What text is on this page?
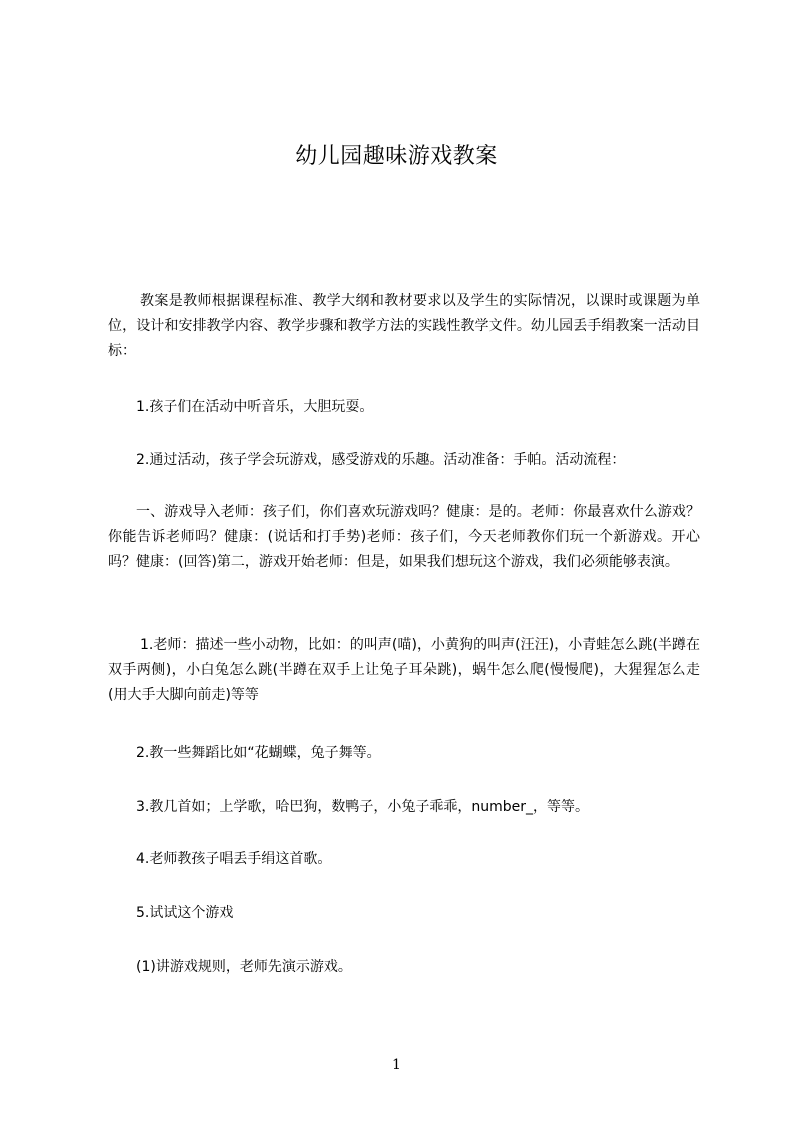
幼儿园趣味游戏教案

教案是教师根据课程标准、教学大纲和教材要求以及学生的实际情况，以课时或课题为单位，设计和安排教学内容、教学步骤和教学方法的实践性教学文件。幼儿园丢手绢教案一活动目标：

1.孩子们在活动中听音乐，大胆玩耍。

2.通过活动，孩子学会玩游戏，感受游戏的乐趣。活动准备：手帕。活动流程：

一、游戏导入老师：孩子们，你们喜欢玩游戏吗？健康：是的。老师：你最喜欢什么游戏？你能告诉老师吗？健康：(说话和打手势)老师：孩子们，今天老师教你们玩一个新游戏。开心吗？健康：(回答)第二，游戏开始老师：但是，如果我们想玩这个游戏，我们必须能够表演。

1.老师：描述一些小动物，比如：的叫声(喵)，小黄狗的叫声(汪汪)，小青蛙怎么跳(半蹲在双手两侧)，小白兔怎么跳(半蹲在双手上让兔子耳朵跳)，蜗牛怎么爬(慢慢爬)，大猩猩怎么走(用大手大脚向前走)等等

2.教一些舞蹈比如“花蝴蝶，兔子舞等。

3.教几首如；上学歌，哈巴狗，数鸭子，小兔子乖乖，number_，等等。

4.老师教孩子唱丢手绢这首歌。

5.试试这个游戏

(1)讲游戏规则，老师先演示游戏。

1
